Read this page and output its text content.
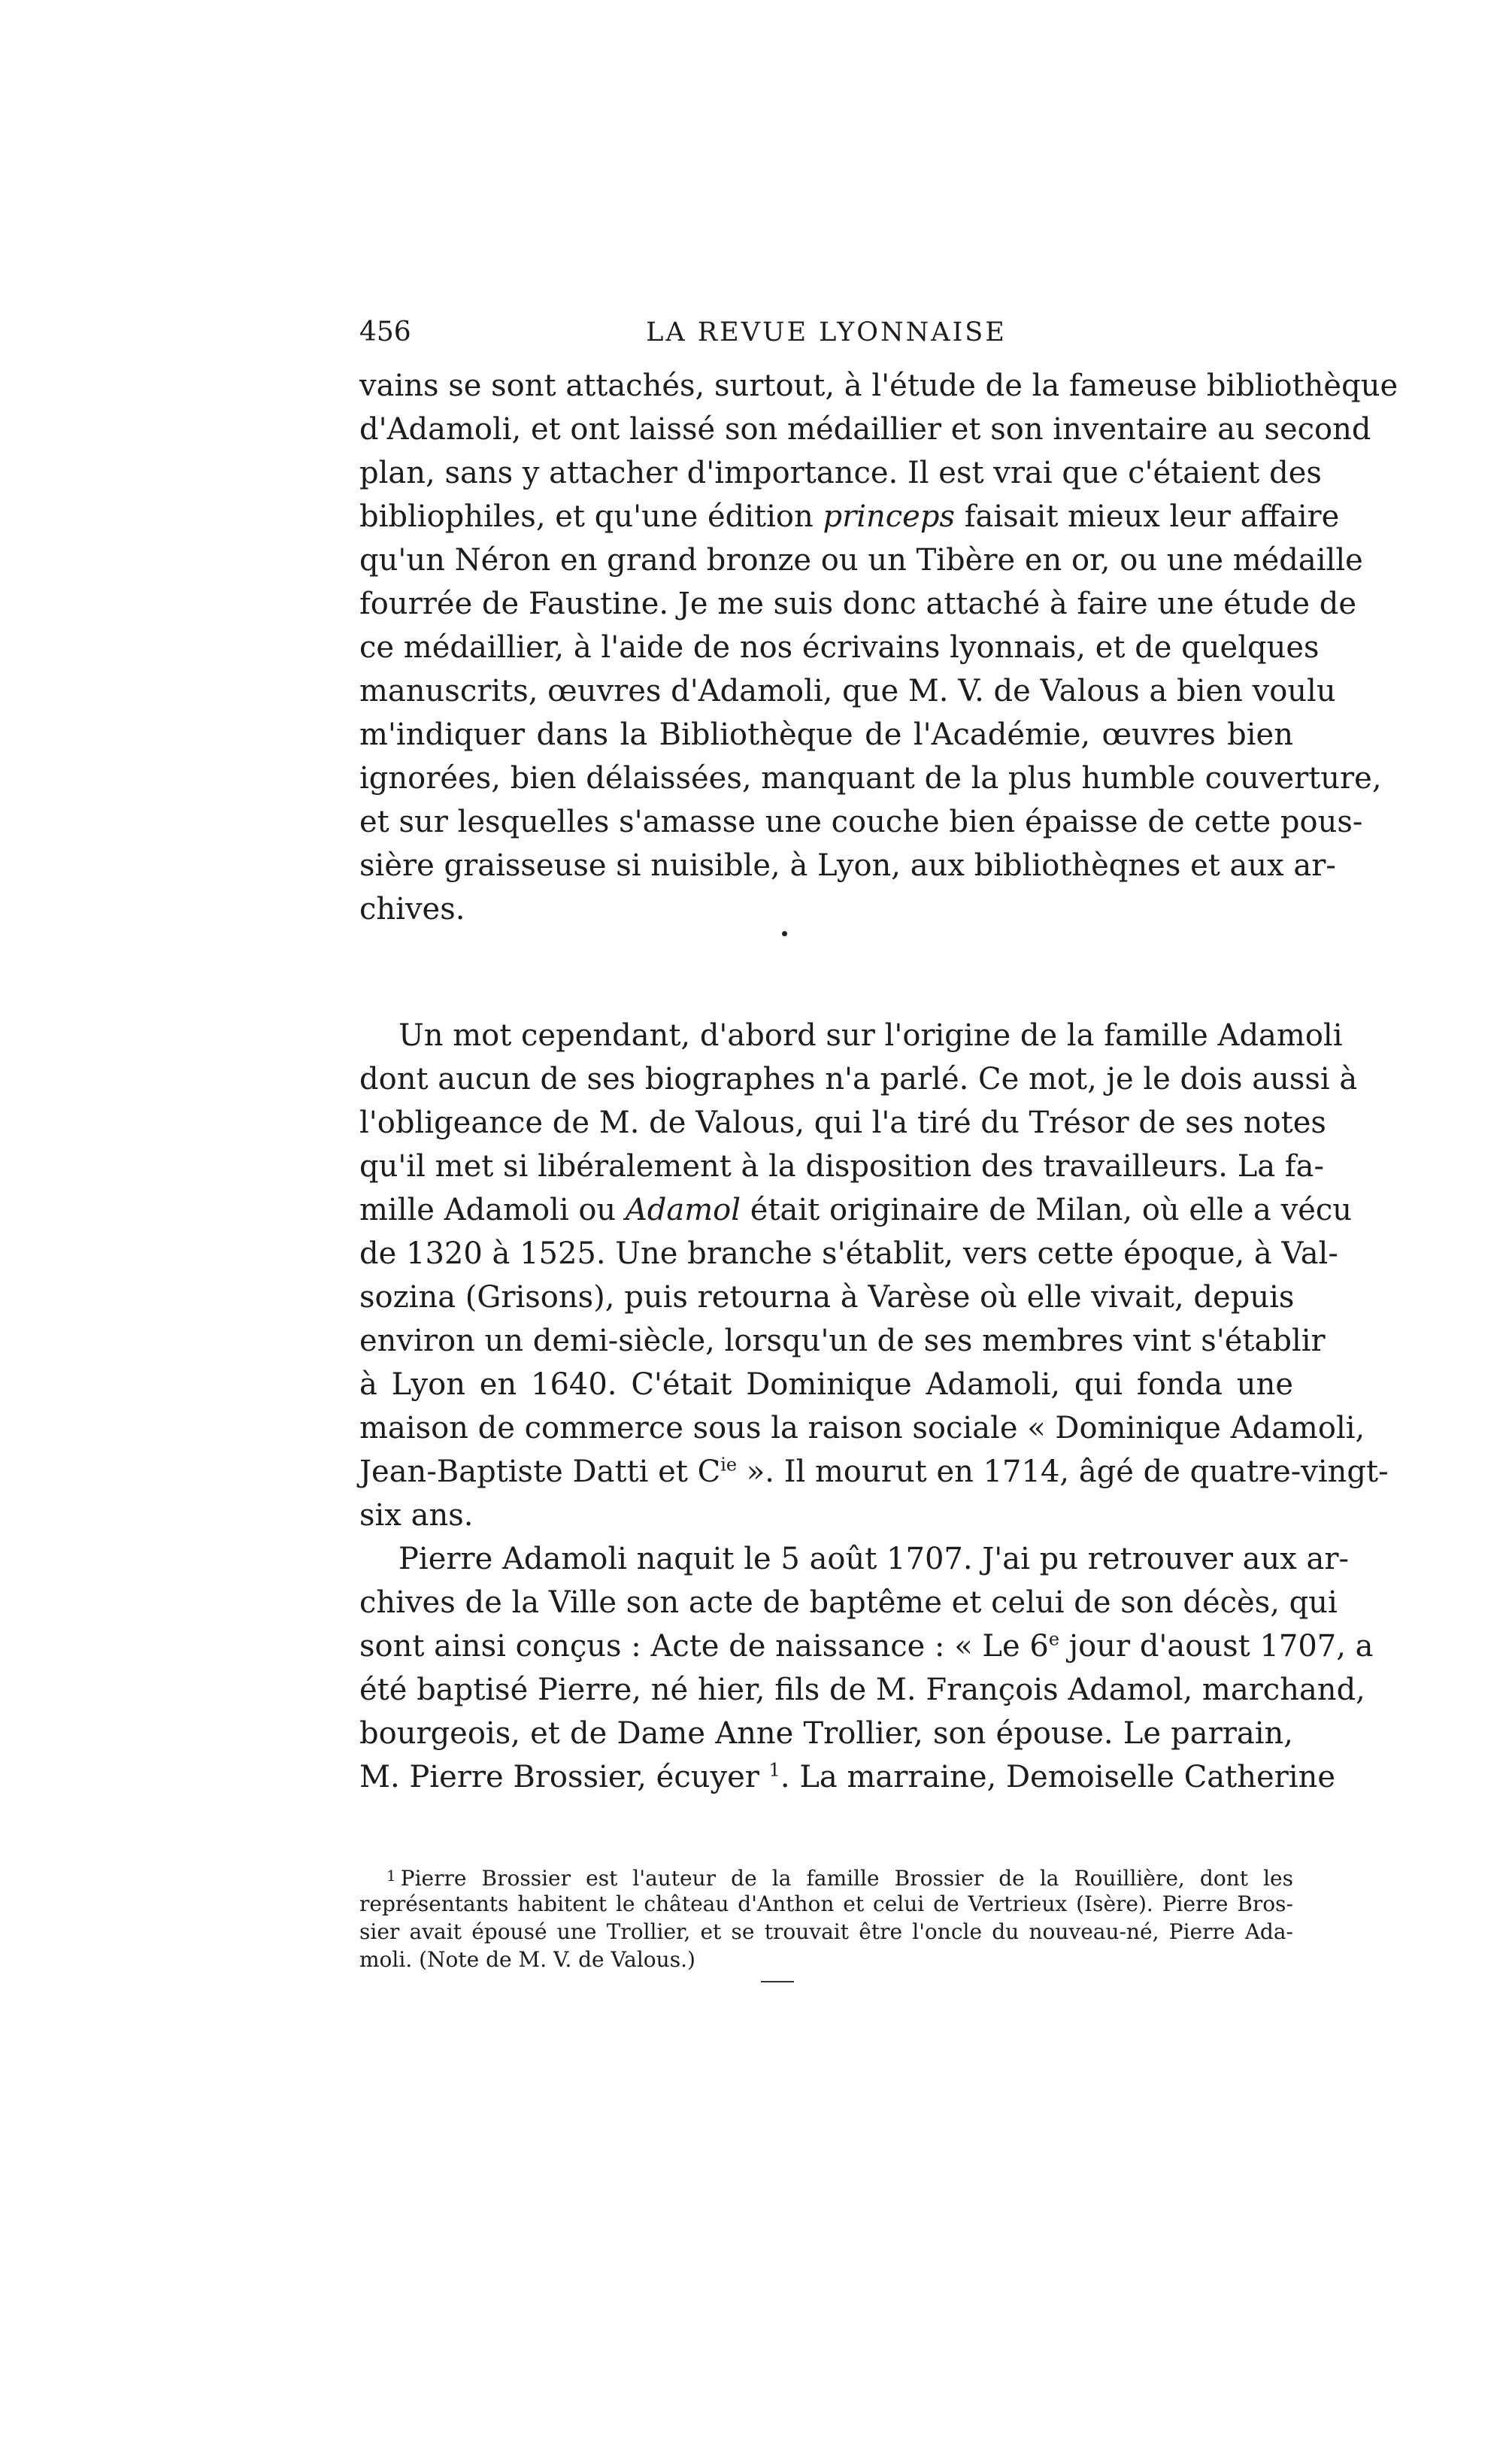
456	LA REVUE LYONNAISE
vains se sont attachés, surtout, à l'étude de la fameuse bibliothèque
d'Adamoli, et ont laissé son médaillier et son inventaire au second
plan, sans y attacher d'importance. Il est vrai que c'étaient des
bibliophiles, et qu'une édition princeps faisait mieux leur affaire
qu'un Néron en grand bronze ou un Tibère en or, ou une médaille
fourrée de Faustine. Je me suis donc attaché à faire une étude de
ce médaillier, à l'aide de nos écrivains lyonnais, et de quelques
manuscrits, œuvres d'Adamoli, que M. V. de Valous a bien voulu
m'indiquer dans la Bibliothèque de l'Académie, œuvres bien
ignorées, bien délaissées, manquant de la plus humble couverture,
et sur lesquelles s'amasse une couche bien épaisse de cette pous-
sière graisseuse si nuisible, à Lyon, aux bibliothèqnes et aux ar-
chives.
Un mot cependant, d'abord sur l'origine de la famille Adamoli
dont aucun de ses biographes n'a parlé. Ce mot, je le dois aussi à
l'obligeance de M. de Valous, qui l'a tiré du Trésor de ses notes
qu'il met si libéralement à la disposition des travailleurs. La fa-
mille Adamoli ou Adamol était originaire de Milan, où elle a vécu
de 1320 à 1525. Une branche s'établit, vers cette époque, à Val-
sozina (Grisons), puis retourna à Varèse où elle vivait, depuis
environ un demi-siècle, lorsqu'un de ses membres vint s'établir
à Lyon en 1640. C'était Dominique Adamoli, qui fonda une
maison de commerce sous la raison sociale « Dominique Adamoli,
Jean-Baptiste Datti et $C^{ie}$ ». Il mourut en 1714, âgé de quatre-vingt-
six ans.
Pierre Adamoli naquit le 5 août 1707. J'ai pu retrouver aux ar-
chives de la Ville son acte de baptême et celui de son décès, qui
sont ainsi conçus : Acte de naissance : « Le 6e jour d'aoust 1707, a
été baptisé Pierre, né hier, fils de M. François Adamol, marchand,
bourgeois, et de Dame Anne Trollier, son épouse. Le parrain,
M. Pierre Brossier, écuyer $^1$. La marraine, Demoiselle Catherine
$^1$ Pierre Brossier est l'auteur de la famille Brossier de la Rouillière, dont les
représentants habitent le château d'Anthon et celui de Vertrieux (Isère). Pierre Bros-
sier avait épousé une Trollier, et se trouvait être l'oncle du nouveau-né, Pierre Ada-
moli. (Note de M. V. de Valous.)
